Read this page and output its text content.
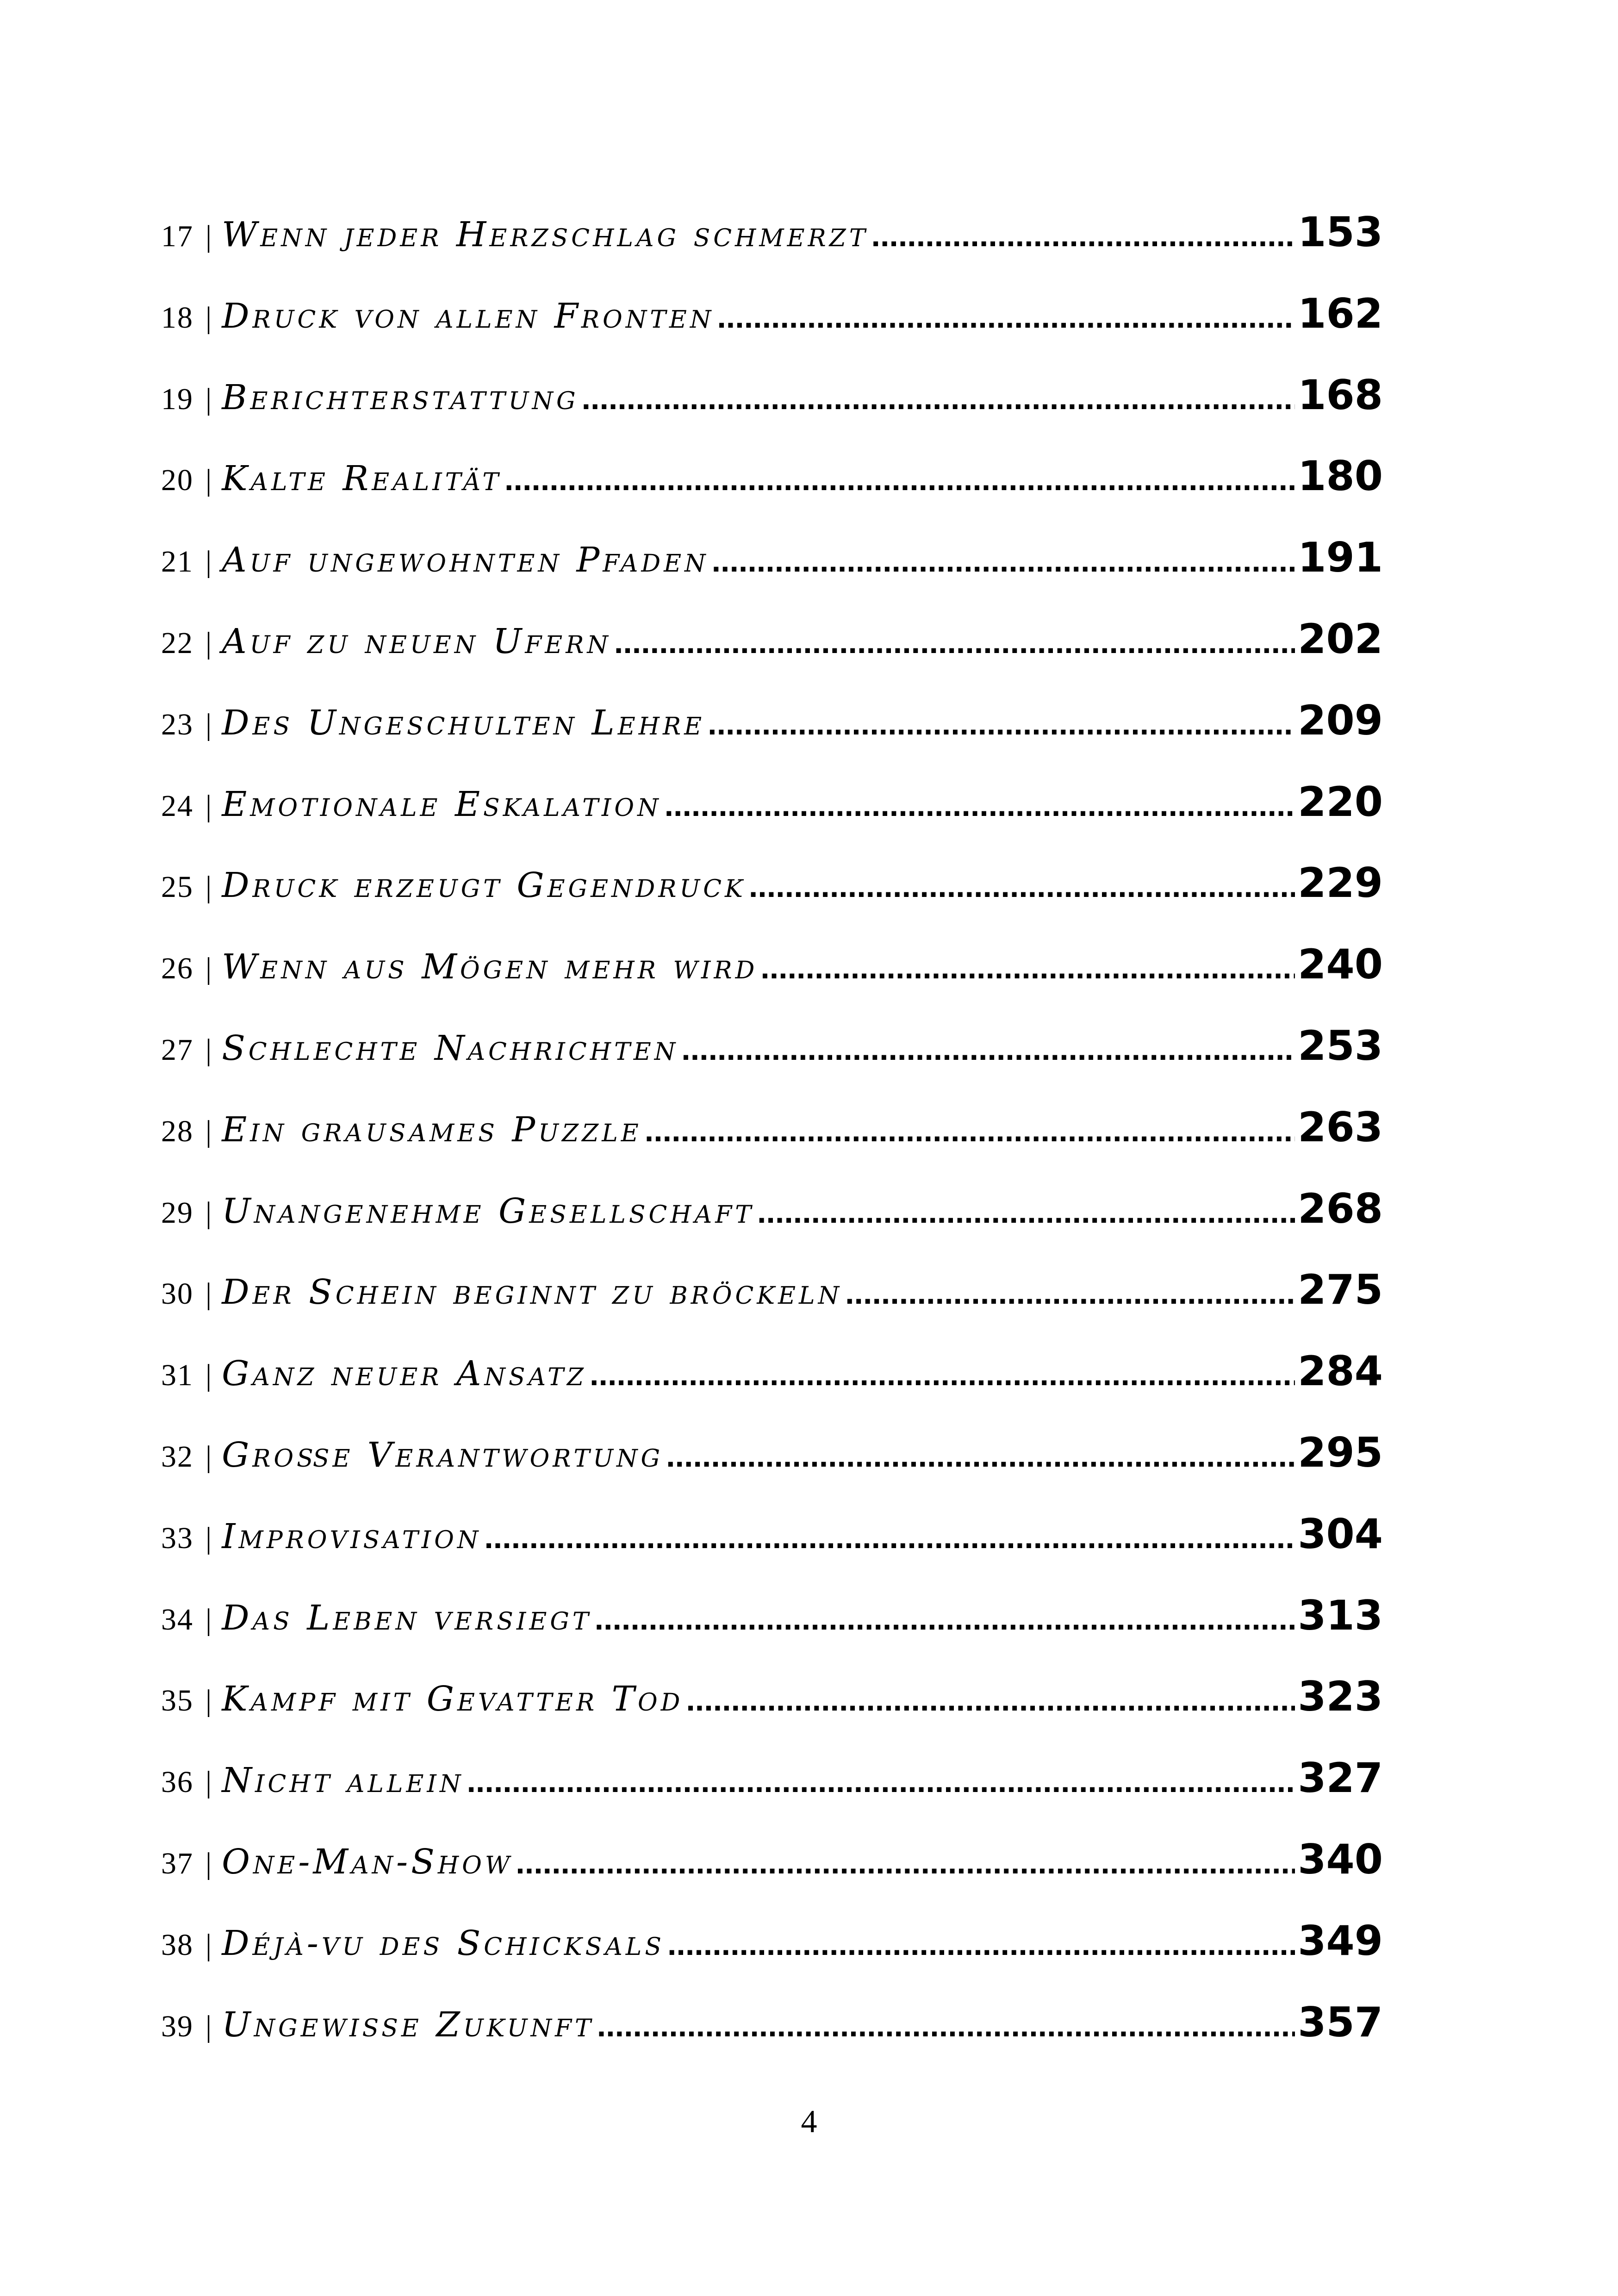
17 | Wenn jeder Herzschlag schmerzt .....	153
18 | Druck von allen Fronten .....	162
19 | Berichterstattung .....	168
20 | Kalte Realität .....	180
21 | Auf ungewohnten Pfaden .....	191
22 | Auf zu neuen Ufern .....	202
23 | Des Ungeschulten Lehre .....	209
24 | Emotionale Eskalation .....	220
25 | Druck erzeugt Gegendruck .....	229
26 | Wenn aus Mögen mehr wird .....	240
27 | Schlechte Nachrichten .....	253
28 | Ein grausames Puzzle .....	263
29 | Unangenehme Gesellschaft .....	268
30 | Der Schein beginnt zu bröckeln .....	275
31 | Ganz neuer Ansatz .....	284
32 | Große Verantwortung .....	295
33 | Improvisation .....	304
34 | Das Leben versiegt .....	313
35 | Kampf mit Gevatter Tod .....	323
36 | Nicht allein .....	327
37 | One-Man-Show .....	340
38 | Déjà-vu des Schicksals .....	349
39 | Ungewisse Zukunft .....	357
4
